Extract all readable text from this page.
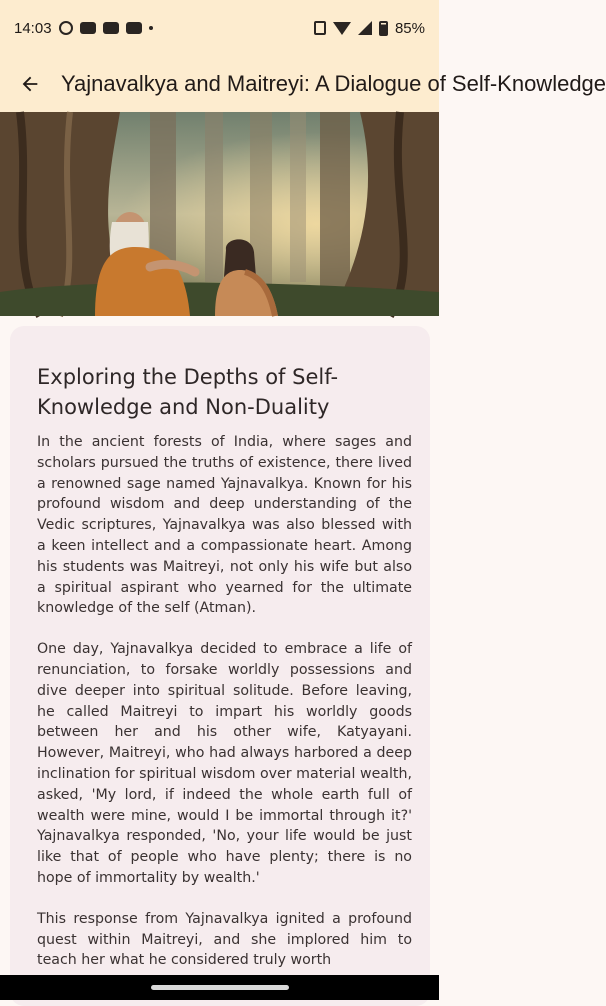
14:03	85%
Yajnavalkya and Maitreyi: A Dialogue of Self-Knowledge
Exploring the Depths of Self-Knowledge and Non-Duality

In the ancient forests of India, where sages and scholars pursued the truths of existence, there lived a renowned sage named Yajnavalkya. Known for his profound wisdom and deep understanding of the Vedic scriptures, Yajnavalkya was also blessed with a keen intellect and a compassionate heart. Among his students was Maitreyi, not only his wife but also a spiritual aspirant who yearned for the ultimate knowledge of the self (Atman).

One day, Yajnavalkya decided to embrace a life of renunciation, to forsake worldly possessions and dive deeper into spiritual solitude. Before leaving, he called Maitreyi to impart his worldly goods between her and his other wife, Katyayani. However, Maitreyi, who had always harbored a deep inclination for spiritual wisdom over material wealth, asked, 'My lord, if indeed the whole earth full of wealth were mine, would I be immortal through it?' Yajnavalkya responded, 'No, your life would be just like that of people who have plenty; there is no hope of immortality by wealth.'

This response from Yajnavalkya ignited a profound quest within Maitreyi, and she implored him to teach her what he considered truly worth
